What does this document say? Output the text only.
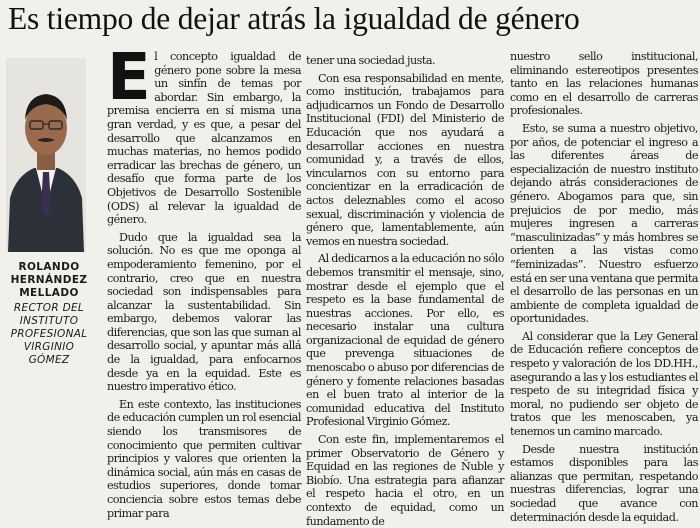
Es tiempo de dejar atrás la igualdad de género
ROLANDO
HERNÁNDEZ
MELLADO
RECTOR DEL
INSTITUTO
PROFESIONAL
VIRGINIO
GÓMEZ

El concepto igualdad de género pone sobre la mesa un sinfín de temas por abordar. Sin embargo, la premisa encierra en sí misma una gran verdad, y es que, a pesar del desarrollo que alcanzamos en muchas materias, no hemos podido erradicar las brechas de género, un desafío que forma parte de los Objetivos de Desarrollo Sostenible (ODS) al relevar la igualdad de género.

Dudo que la igualdad sea la solución. No es que me oponga al empoderamiento femenino, por el contrario, creo que en nuestra sociedad son indispensables para alcanzar la sustentabilidad. Sin embargo, debemos valorar las diferencias, que son las que suman al desarrollo social, y apuntar más allá de la igualdad, para enfocarnos desde ya en la equidad. Este es nuestro imperativo ético.

En este contexto, las instituciones de educación cumplen un rol esencial siendo los transmisores de conocimiento que permiten cultivar principios y valores que orienten la dinámica social, aún más en casas de estudios superiores, donde tomar conciencia sobre estos temas debe primar para

tener una sociedad justa.

Con esa responsabilidad en mente, como institución, trabajamos para adjudicarnos un Fondo de Desarrollo Institucional (FDI) del Ministerio de Educación que nos ayudará a desarrollar acciones en nuestra comunidad y, a través de ellos, vincularnos con su entorno para concientizar en la erradicación de actos deleznables como el acoso sexual, discriminación y violencia de género que, lamentablemente, aún vemos en nuestra sociedad.

Al dedicarnos a la educación no sólo debemos transmitir el mensaje, sino, mostrar desde el ejemplo que el respeto es la base fundamental de nuestras acciones. Por ello, es necesario instalar una cultura organizacional de equidad de género que prevenga situaciones de menoscabo o abuso por diferencias de género y fomente relaciones basadas en el buen trato al interior de la comunidad educativa del Instituto Profesional Virginio Gómez.

Con este fin, implementaremos el primer Observatorio de Género y Equidad en las regiones de Ñuble y Biobío. Una estrategia para afianzar el respeto hacia el otro, en un contexto de equidad, como un fundamento de

nuestro sello institucional, eliminando estereotipos presentes tanto en las relaciones humanas como en el desarrollo de carreras profesionales.

Esto, se suma a nuestro objetivo, por años, de potenciar el ingreso a las diferentes áreas de especialización de nuestro instituto dejando atrás consideraciones de género. Abogamos para que, sin prejuicios de por medio, más mujeres ingresen a carreras “masculinizadas” y más hombres se orienten a las vistas como “feminizadas”. Nuestro esfuerzo está en ser una ventana que permita el desarrollo de las personas en un ambiente de completa igualdad de oportunidades.

Al considerar que la Ley General de Educación refiere conceptos de respeto y valoración de los DD.HH., asegurando a las y los estudiantes el respeto de su integridad física y moral, no pudiendo ser objeto de tratos que les menoscaben, ya tenemos un camino marcado.

Desde nuestra institución estamos disponibles para las alianzas que permitan, respetando nuestras diferencias, lograr una sociedad que avance con determinación desde la equidad.
